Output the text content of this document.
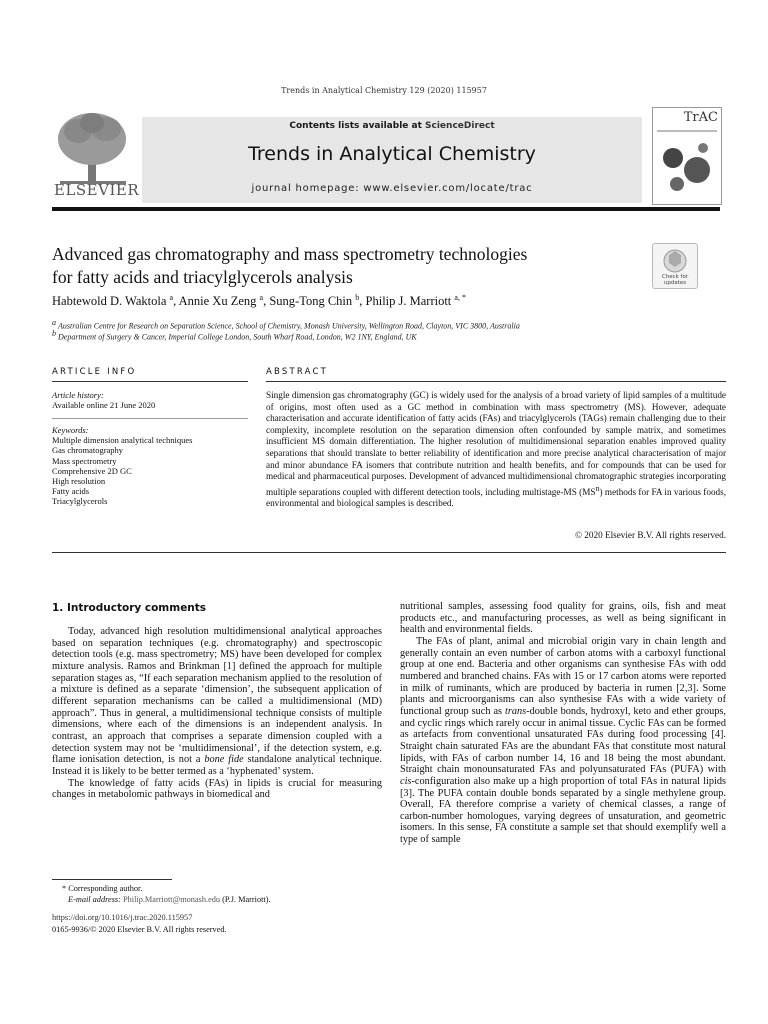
Trends in Analytical Chemistry 129 (2020) 115957
ELSEVIER
Contents lists available at ScienceDirect
Trends in Analytical Chemistry
journal homepage: www.elsevier.com/locate/trac
TrAC
Advanced gas chromatography and mass spectrometry technologies
for fatty acids and triacylglycerols analysis	Check for updates
Habtewold D. Waktola $^a$, Annie Xu Zeng $^a$, Sung-Tong Chin $^b$, Philip J. Marriott $^{a, *}$
$^a$ Australian Centre for Research on Separation Science, School of Chemistry, Monash University, Wellington Road, Clayton, VIC 3800, Australia
$^b$ Department of Surgery & Cancer, Imperial College London, South Wharf Road, London, W2 1NY, England, UK
ARTICLE INFO
Article history:
Available online 21 June 2020
Keywords:
Multiple dimension analytical techniques
Gas chromatography
Mass spectrometry
Comprehensive 2D GC
High resolution
Fatty acids
Triacylglycerols
ABSTRACT
Single dimension gas chromatography (GC) is widely used for the analysis of a broad variety of lipid samples of a multitude of origins, most often used as a GC method in combination with mass spectrometry (MS). However, adequate characterisation and accurate identification of fatty acids (FAs) and triacylglycerols (TAGs) remain challenging due to their complexity, incomplete resolution on the separation dimension often confounded by sample matrix, and sometimes insufficient MS domain differentiation. The higher resolution of multidimensional separation enables improved quality separations that should translate to better reliability of identification and more precise analytical characterisation of major and minor abundance FA isomers that contribute nutrition and health benefits, and for compounds that can be used for medical and pharmaceutical purposes. Development of advanced multidimensional chromatographic strategies incorporating multiple separations coupled with different detection tools, including multistage-MS $(MS^n)$ methods for FA in various foods, environmental and biological samples is described.
© 2020 Elsevier B.V. All rights reserved.
1. Introductory comments

Today, advanced high resolution multidimensional analytical approaches based on separation techniques (e.g. chromatography) and spectroscopic detection tools (e.g. mass spectrometry; MS) have been developed for complex mixture analysis. Ramos and Brinkman [1] defined the approach for multiple separation stages as, “If each separation mechanism applied to the resolution of a mixture is defined as a separate ‘dimension’, the subsequent application of different separation mechanisms can be called a multidimensional (MD) approach”. Thus in general, a multidimensional technique consists of multiple dimensions, where each of the dimensions is an independent analysis. In contrast, an approach that comprises a separate dimension coupled with a detection system may not be ‘multidimensional’, if the detection system, e.g. flame ionisation detection, is not a bone fide standalone analytical technique. Instead it is likely to be better termed as a ‘hyphenated’ system.

The knowledge of fatty acids (FAs) in lipids is crucial for measuring changes in metabolomic pathways in biomedical and

nutritional samples, assessing food quality for grains, oils, fish and meat products etc., and manufacturing processes, as well as being significant in health and environmental fields.

The FAs of plant, animal and microbial origin vary in chain length and generally contain an even number of carbon atoms with a carboxyl functional group at one end. Bacteria and other organisms can synthesise FAs with odd numbered and branched chains. FAs with 15 or 17 carbon atoms were reported in milk of ruminants, which are produced by bacteria in rumen [2,3]. Some plants and microorganisms can also synthesise FAs with a wide variety of functional group such as trans-double bonds, hydroxyl, keto and ether groups, and cyclic rings which rarely occur in animal tissue. Cyclic FAs can be formed as artefacts from conventional unsaturated FAs during food processing [4]. Straight chain saturated FAs are the abundant FAs that constitute most natural lipids, with FAs of carbon number 14, 16 and 18 being the most abundant. Straight chain monounsaturated FAs and polyunsaturated FAs (PUFA) with cis-configuration also make up a high proportion of total FAs in natural lipids [3]. The PUFA contain double bonds separated by a single methylene group. Overall, FA therefore comprise a variety of chemical classes, a range of carbon-number homologues, varying degrees of unsaturation, and geometric isomers. In this sense, FA constitute a sample set that should exemplify well a type of sample

* Corresponding author.
E-mail address: Philip.Marriott@monash.edu (P.J. Marriott).
https://doi.org/10.1016/j.trac.2020.115957
0165-9936/© 2020 Elsevier B.V. All rights reserved.
